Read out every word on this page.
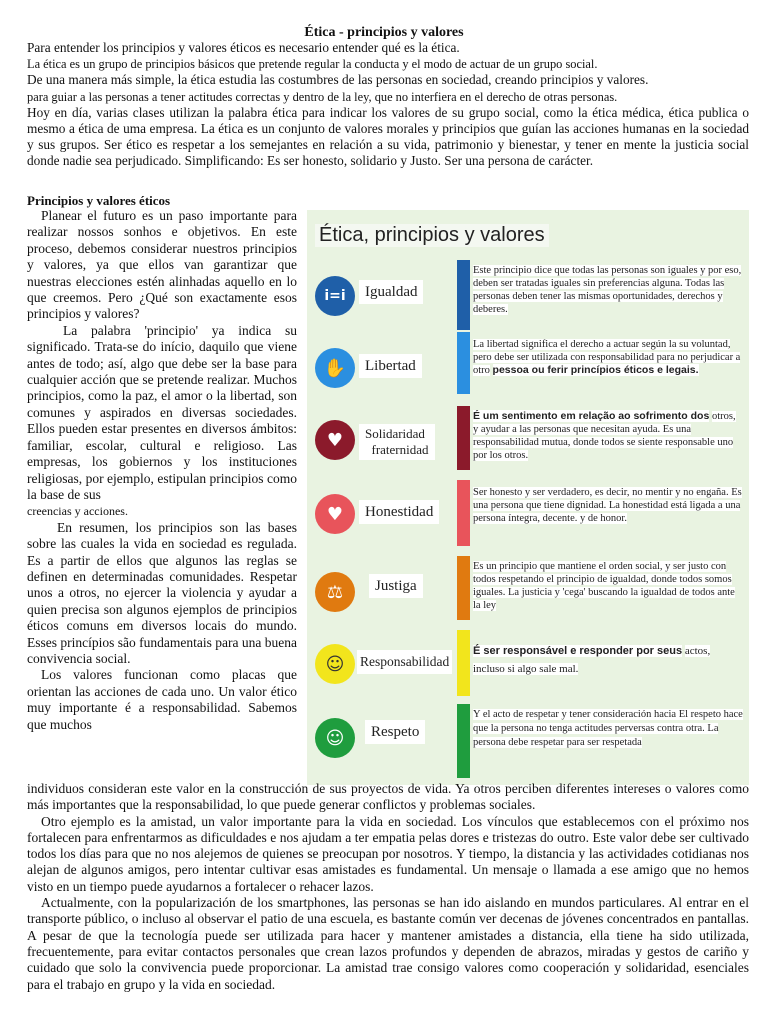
Ética - principios y valores

Para entender los principios y valores éticos es necesario entender qué es la ética.

La ética es un grupo de principios básicos que pretende regular la conducta y el modo de actuar de un grupo social.

De una manera más simple, la ética estudia las costumbres de las personas en sociedad, creando principios y valores.

para guiar a las personas a tener actitudes correctas y dentro de la ley, que no interfiera en el derecho de otras personas.

Hoy en día, varias clases utilizan la palabra ética para indicar los valores de su grupo social, como la ética médica, ética publica o mesmo a ética de uma empresa. La ética es un conjunto de valores morales y principios que guían las acciones humanas en la sociedad y sus grupos. Ser ético es respetar a los semejantes en relación a su vida, patrimonio y bienestar, y tener en mente la justicia social donde nadie sea perjudicado. Simplificando: Es ser honesto, solidario y Justo. Ser una persona de carácter.

Principios y valores éticos

Planear el futuro es un paso importante para realizar nossos sonhos e objetivos. En este proceso, debemos considerar nuestros principios y valores, ya que ellos van garantizar que nuestras elecciones estén alinhadas aquello en lo que creemos. Pero ¿Qué son exactamente esos principios y valores?

La palabra 'principio' ya indica su significado. Trata-se do início, daquilo que viene antes de todo; así, algo que debe ser la base para cualquier acción que se pretende realizar. Muchos principios, como la paz, el amor o la libertad, son comunes y aspirados en diversas sociedades. Ellos pueden estar presentes en diversos ámbitos: familiar, escolar, cultural e religioso. Las empresas, los gobiernos y los instituciones religiosas, por ejemplo, estipulan principios como la base de sus

creencias y acciones.

En resumen, los principios son las bases sobre las cuales la vida en sociedad es regulada. Es a partir de ellos que algunos las reglas se definen en determinadas comunidades. Respetar unos a otros, no ejercer la violencia y ayudar a quien precisa son algunos ejemplos de principios éticos comuns em diversos locais do mundo. Esses princípios são fundamentais para una buena convivencia social.

Los valores funcionan como placas que orientan las acciones de cada uno. Un valor ético muy importante é a responsabilidad. Sabemos que muchos

Ética, principios y valores
i=i	Igualdad
Este principio dice que todas las personas son iguales y por eso, deben ser tratadas iguales sin preferencias alguna. Todas las personas deben tener las mismas oportunidades, derechos y deberes.
✋	Libertad
La libertad significa el derecho a actuar según la su voluntad, pero debe ser utilizada con responsabilidad para no perjudicar a otro pessoa ou ferir princípios éticos e legais.
♥	Solidaridad
fraternidad
É um sentimento em relação ao sofrimento dos otros, y ayudar a las personas que necesitan ayuda. Es una responsabilidad mutua, donde todos se siente responsable uno por los otros.
♥	Honestidad
Ser honesto y ser verdadero, es decir, no mentir y no engaña. Es una persona que tiene dignidad. La honestidad está ligada a una persona íntegra, decente. y de honor.
⚖	Justiga
Es un principio que mantiene el orden social, y ser justo con todos respetando el principio de igualdad, donde todos somos iguales. La justicia y 'cega' buscando la igualdad de todos ante la ley
☺	Responsabilidad
É ser responsável e responder por seus actos, incluso si algo sale mal.
☺	Respeto
Y el acto de respetar y tener consideración hacia El respeto hace que la persona no tenga actitudes perversas contra otra. La persona debe respetar para ser respetada

individuos consideran este valor en la construcción de sus proyectos de vida. Ya otros perciben diferentes intereses o valores como más importantes que la responsabilidad, lo que puede generar conflictos y problemas sociales.

Otro ejemplo es la amistad, un valor importante para la vida en sociedad. Los vínculos que establecemos con el próximo nos fortalecen para enfrentarmos as dificuldades e nos ajudam a ter empatia pelas dores e tristezas do outro. Este valor debe ser cultivado todos los días para que no nos alejemos de quienes se preocupan por nosotros. Y tiempo, la distancia y las actividades cotidianas nos alejan de algunos amigos, pero intentar cultivar esas amistades es fundamental. Un mensaje o llamada a ese amigo que no hemos visto en un tiempo puede ayudarnos a fortalecer o rehacer lazos.

Actualmente, con la popularización de los smartphones, las personas se han ido aislando en mundos particulares. Al entrar en el transporte público, o incluso al observar el patio de una escuela, es bastante común ver decenas de jóvenes concentrados en pantallas. A pesar de que la tecnología puede ser utilizada para hacer y mantener amistades a distancia, ella tiene ha sido utilizada, frecuentemente, para evitar contactos personales que crean lazos profundos y dependen de abrazos, miradas y gestos de cariño y cuidado que solo la convivencia puede proporcionar. La amistad trae consigo valores como cooperación y solidaridad, esenciales para el trabajo en grupo y la vida en sociedad.
